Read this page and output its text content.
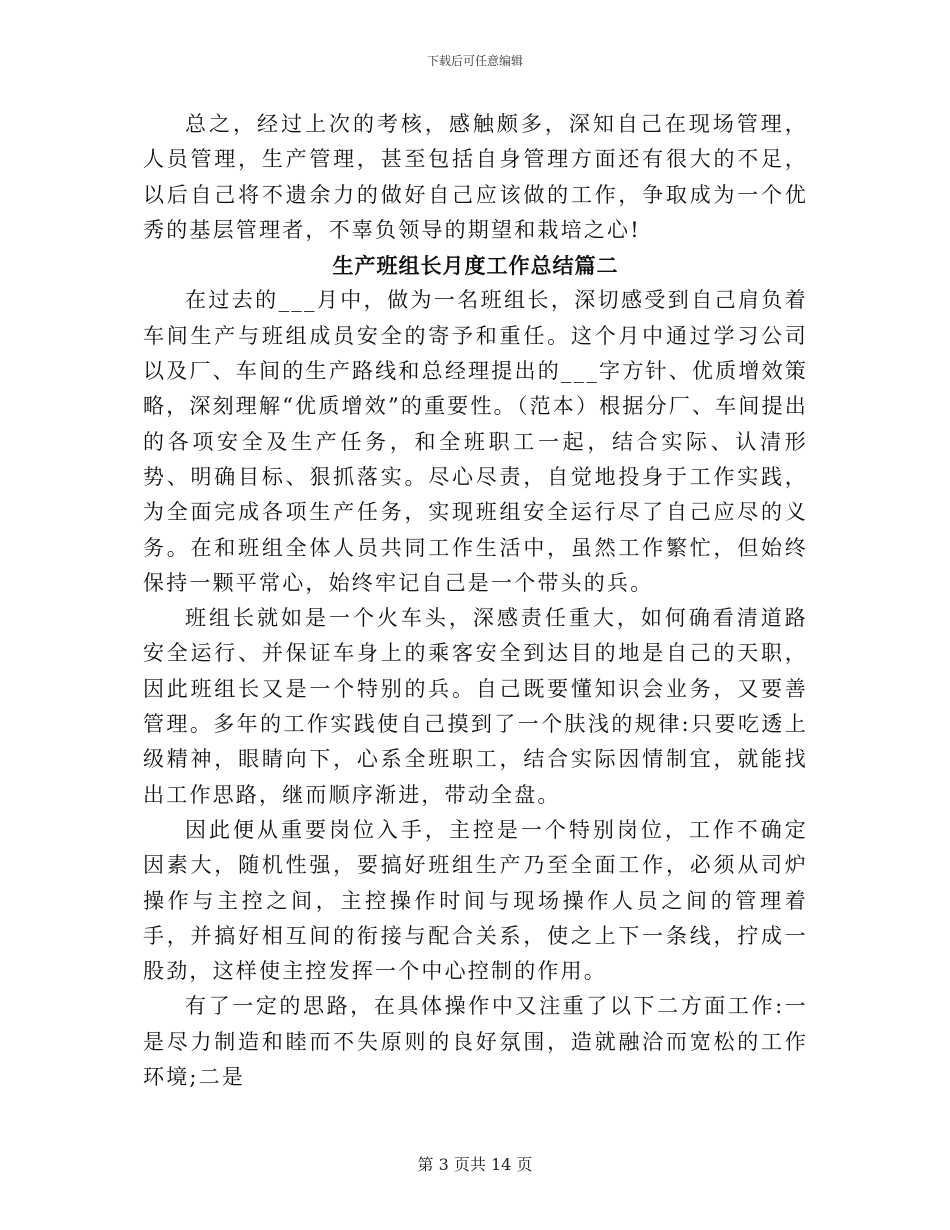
下载后可任意编辑

总之，经过上次的考核，感触颇多，深知自己在现场管理，人员管理，生产管理，甚至包括自身管理方面还有很大的不足，以后自己将不遗余力的做好自己应该做的工作，争取成为一个优秀的基层管理者，不辜负领导的期望和栽培之心!

生产班组长月度工作总结篇二

在过去的___月中，做为一名班组长，深切感受到自己肩负着车间生产与班组成员安全的寄予和重任。这个月中通过学习公司以及厂、车间的生产路线和总经理提出的___字方针、优质增效策略，深刻理解“优质增效”的重要性。（范本）根据分厂、车间提出的各项安全及生产任务，和全班职工一起，结合实际、认清形势、明确目标、狠抓落实。尽心尽责，自觉地投身于工作实践，为全面完成各项生产任务，实现班组安全运行尽了自己应尽的义务。在和班组全体人员共同工作生活中，虽然工作繁忙，但始终保持一颗平常心，始终牢记自己是一个带头的兵。

班组长就如是一个火车头，深感责任重大，如何确看清道路安全运行、并保证车身上的乘客安全到达目的地是自己的天职，因此班组长又是一个特别的兵。自己既要懂知识会业务，又要善管理。多年的工作实践使自己摸到了一个肤浅的规律:只要吃透上级精神，眼睛向下，心系全班职工，结合实际因情制宜，就能找出工作思路，继而顺序渐进，带动全盘。

因此便从重要岗位入手，主控是一个特别岗位，工作不确定因素大，随机性强，要搞好班组生产乃至全面工作，必须从司炉操作与主控之间，主控操作时间与现场操作人员之间的管理着手，并搞好相互间的衔接与配合关系，使之上下一条线，拧成一股劲，这样使主控发挥一个中心控制的作用。

有了一定的思路，在具体操作中又注重了以下二方面工作:一是尽力制造和睦而不失原则的良好氛围，造就融洽而宽松的工作环境;二是

第 3 页共 14 页
